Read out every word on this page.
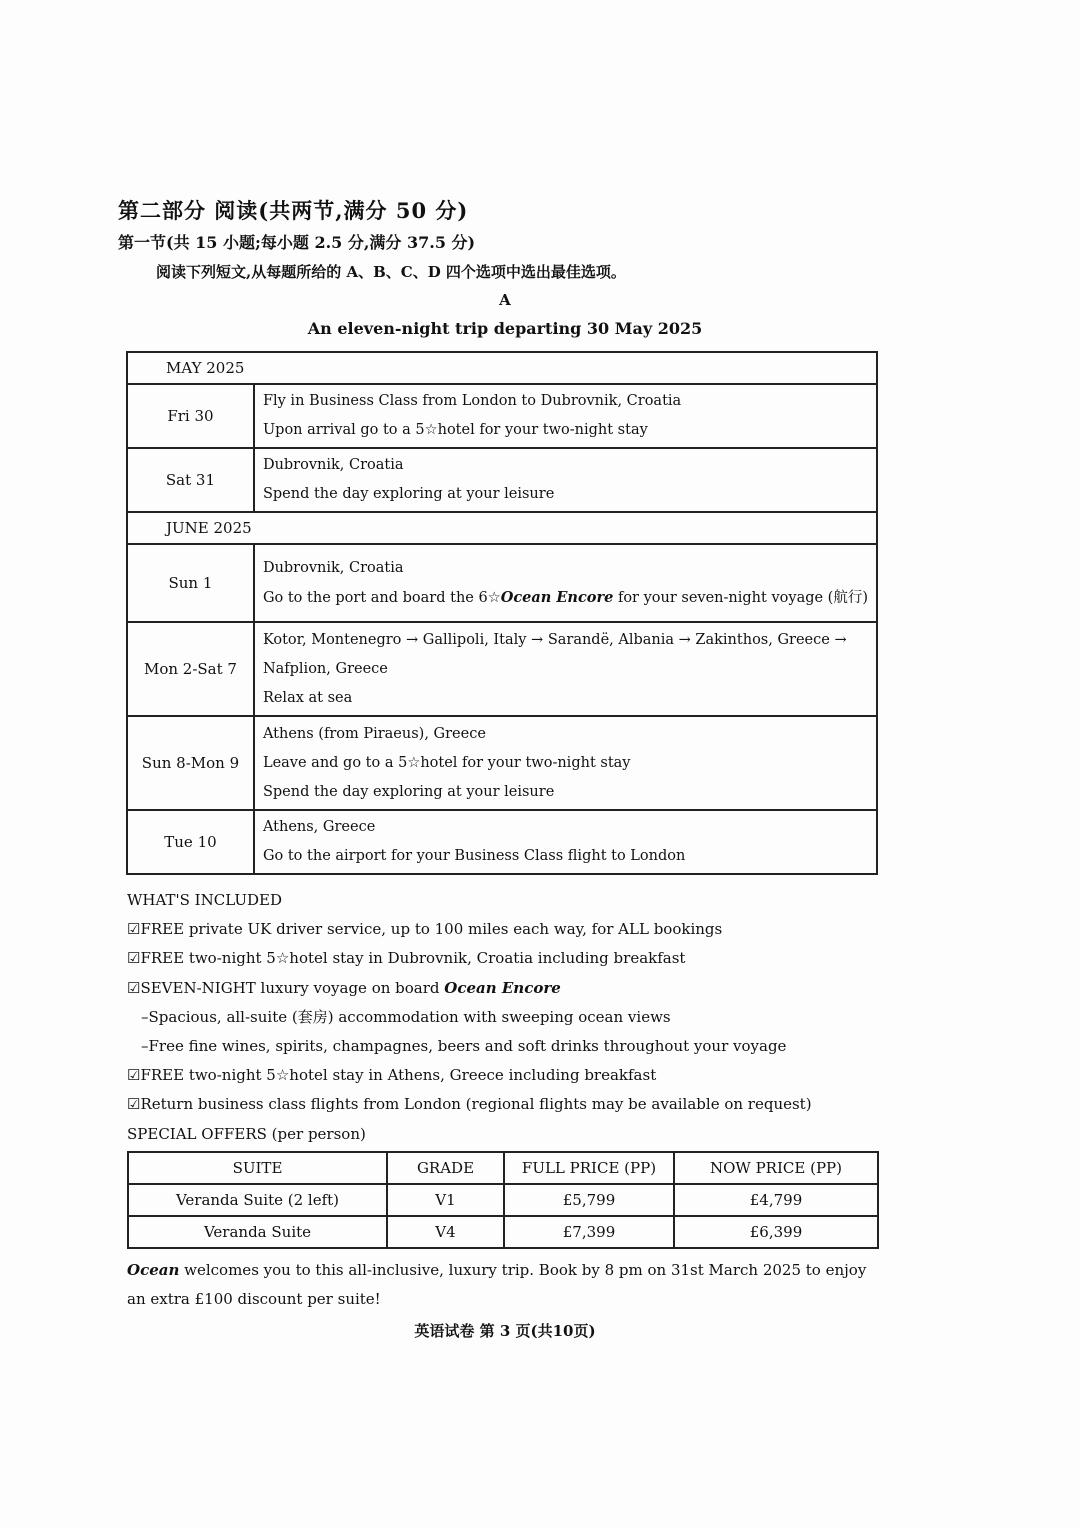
第二部分 阅读(共两节,满分 50 分)
第一节(共 15 小题;每小题 2.5 分,满分 37.5 分)
阅读下列短文,从每题所给的 A、B、C、D 四个选项中选出最佳选项。
A
An eleven-night trip departing 30 May 2025
MAY 2025	
Fri 30	Fly in Business Class from London to Dubrovnik, Croatia
Upon arrival go to a 5☆hotel for your two-night stay

Sat 31	Dubrovnik, Croatia
Spend the day exploring at your leisure

JUNE 2025	
Sun 1	Dubrovnik, Croatia
Go to the port and board the 6☆Ocean Encore for your seven-night voyage (航行)

Mon 2-Sat 7	Kotor, Montenegro → Gallipoli, Italy → Sarandë, Albania → Zakinthos, Greece →
Nafplion, Greece
Relax at sea

Sun 8-Mon 9	Athens (from Piraeus), Greece
Leave and go to a 5☆hotel for your two-night stay
Spend the day exploring at your leisure

Tue 10	Athens, Greece
Go to the airport for your Business Class flight to London
WHAT'S INCLUDED
☑FREE private UK driver service, up to 100 miles each way, for ALL bookings
☑FREE two-night 5☆hotel stay in Dubrovnik, Croatia including breakfast
☑SEVEN-NIGHT luxury voyage on board Ocean Encore
–Spacious, all-suite (套房) accommodation with sweeping ocean views
–Free fine wines, spirits, champagnes, beers and soft drinks throughout your voyage
☑FREE two-night 5☆hotel stay in Athens, Greece including breakfast
☑Return business class flights from London (regional flights may be available on request)
SPECIAL OFFERS (per person)
SUITE	GRADE	FULL PRICE (PP)	NOW PRICE (PP)
Veranda Suite (2 left)	V1	£5,799	£4,799
Veranda Suite	V4	£7,399	£6,399
Ocean welcomes you to this all-inclusive, luxury trip. Book by 8 pm on 31st March 2025 to enjoy an extra £100 discount per suite!
英语试卷 第 3 页(共10页)
